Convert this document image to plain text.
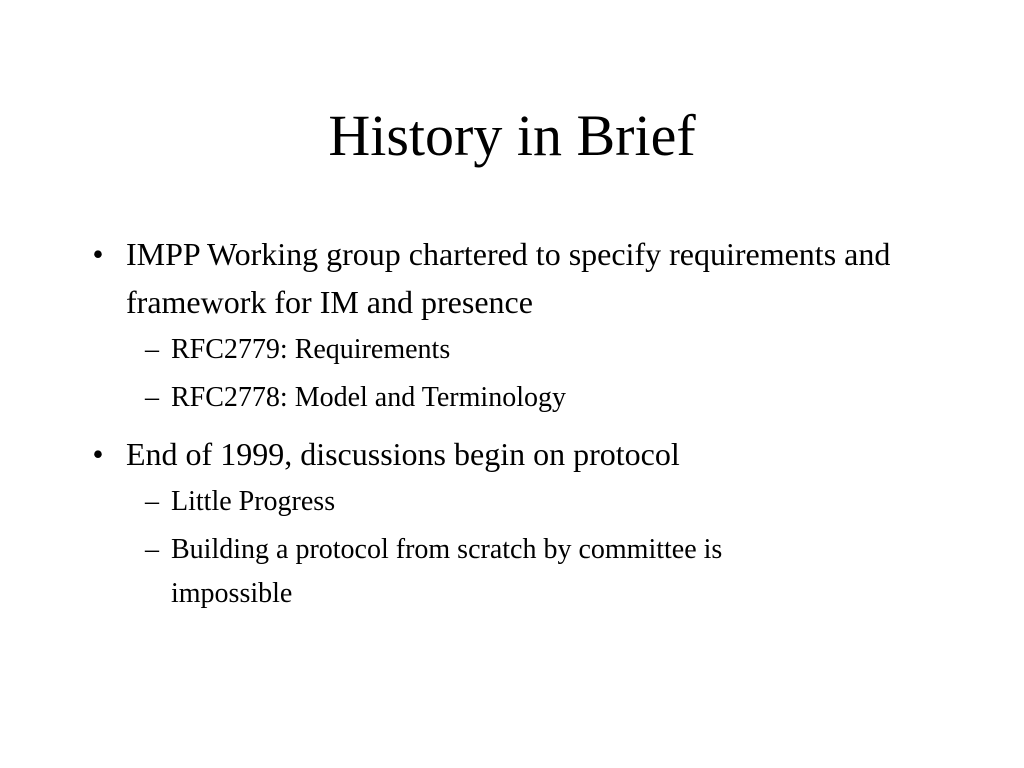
History in Brief
• IMPP Working group chartered to specify requirements and framework for IM and presence
– RFC2779: Requirements
– RFC2778: Model and Terminology
• End of 1999, discussions begin on protocol
– Little Progress
– Building a protocol from scratch by committee is impossible
